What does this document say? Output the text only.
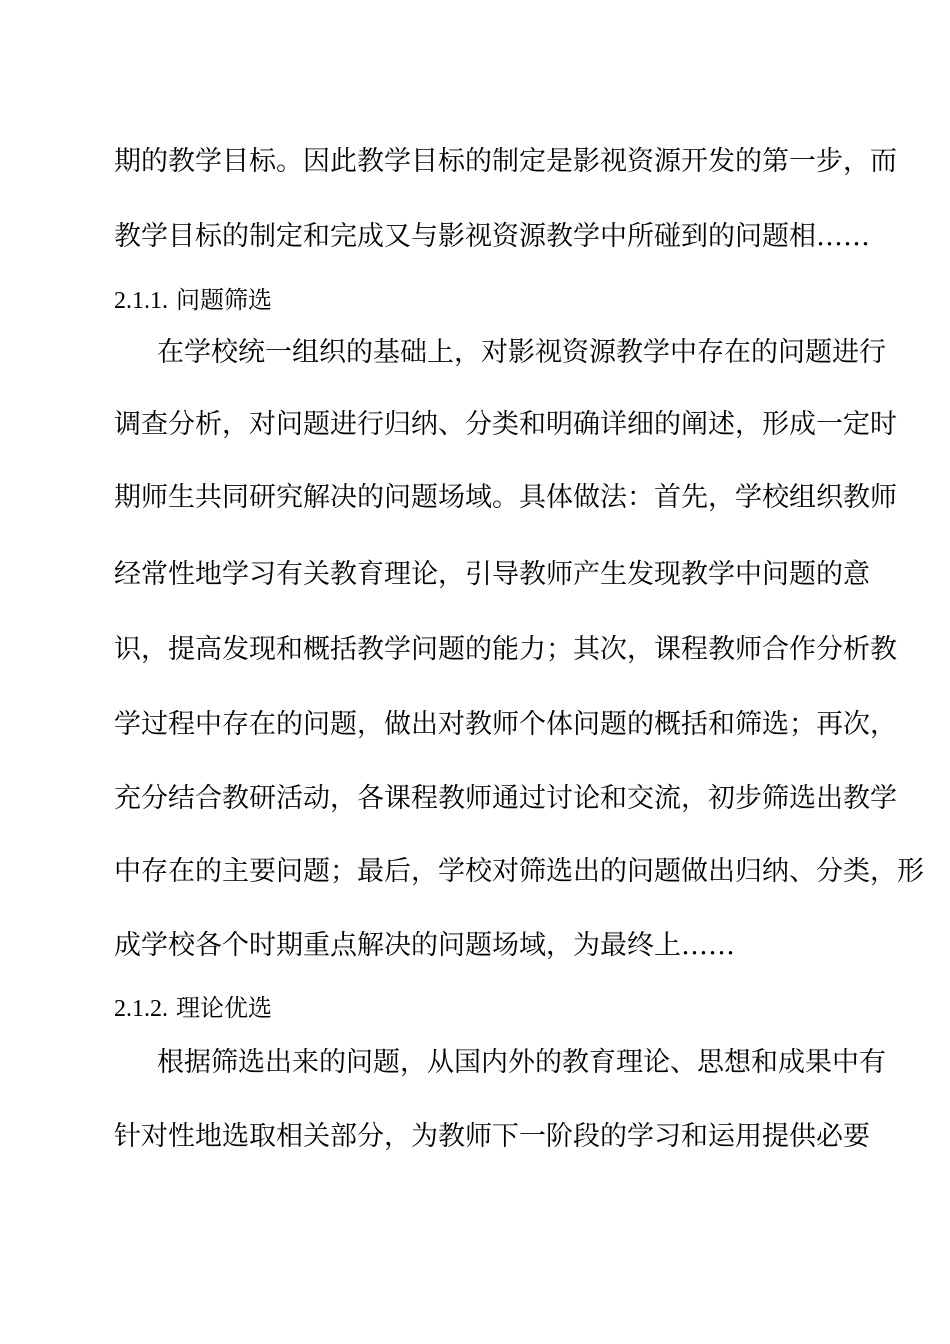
期的教学目标。因此教学目标的制定是影视资源开发的第一步，而
教学目标的制定和完成又与影视资源教学中所碰到的问题相……
2.1.1. 问题筛选
在学校统一组织的基础上，对影视资源教学中存在的问题进行
调查分析，对问题进行归纳、分类和明确详细的阐述，形成一定时
期师生共同研究解决的问题场域。具体做法：首先，学校组织教师
经常性地学习有关教育理论，引导教师产生发现教学中问题的意
识，提高发现和概括教学问题的能力；其次，课程教师合作分析教
学过程中存在的问题，做出对教师个体问题的概括和筛选；再次，
充分结合教研活动，各课程教师通过讨论和交流，初步筛选出教学
中存在的主要问题；最后，学校对筛选出的问题做出归纳、分类，形
成学校各个时期重点解决的问题场域，为最终上……
2.1.2. 理论优选
根据筛选出来的问题，从国内外的教育理论、思想和成果中有
针对性地选取相关部分，为教师下一阶段的学习和运用提供必要
